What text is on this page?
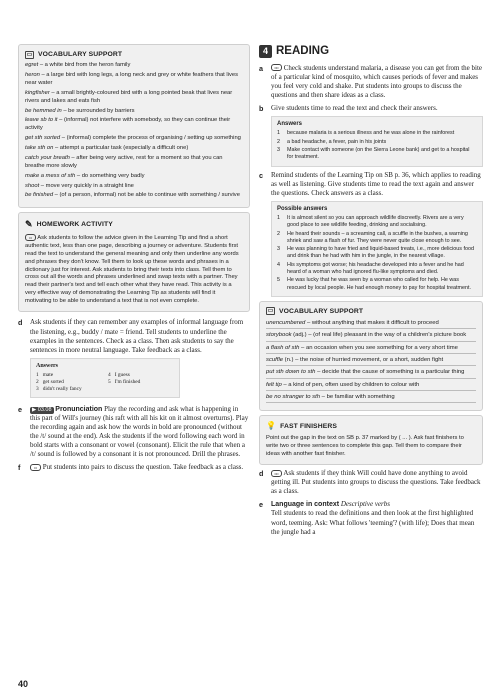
▭ VOCABULARY SUPPORT

egret – a white bird from the heron family

heron – a large bird with long legs, a long neck and grey or white feathers that lives near water

kingfisher – a small brightly-coloured bird with a long pointed beak that lives near rivers and lakes and eats fish

be hemmed in – be surrounded by barriers

leave sb to it – (informal) not interfere with somebody, so they can continue their activity

get sth sorted – (informal) complete the process of organising / setting up something

take sth on – attempt a particular task (especially a difficult one)

catch your breath – after being very active, rest for a moment so that you can breathe more slowly

make a mess of sth – do something very badly

shoot – move very quickly in a straight line

be finished – (of a person, informal) not be able to continue with something / survive

✎ HOMEWORK ACTIVITY

•• Ask students to follow the advice given in the Learning Tip and find a short authentic text, less than one page, describing a journey or adventure. Students first read the text to understand the general meaning and only then underline any words and phrases they don't know. Tell them to look up these words and phrases in a dictionary just for interest. Ask students to bring their texts into class. Tell them to cross out all the words and phrases underlined and swap texts with a partner. They read their partner's text and tell each other what they have read. This activity is a very effective way of demonstrating the Learning Tip as students will find it motivating to be able to understand a text that is not even complete.

d	Ask students if they can remember any examples of informal language from the listening, e.g., buddy / mate = friend. Tell students to underline the examples in the sentences. Check as a class. Then ask students to say the sentences in more neutral language. Take feedback as a class.

Answers
1 mate	4 I guess
2 get sorted	5 I'm finished
3 didn't really fancy
e	▶ 03.08 Pronunciation Play the recording and ask what is happening in this part of Will's journey (his raft with all his kit on it almost overturns). Play the recording again and ask how the words in bold are pronounced (without the /t/ sound at the end). Ask the students if the word following each word in bold starts with a consonant or vowel (consonant). Elicit the rule that when a /t/ sound is followed by a consonant it is not pronounced. Drill the phrases.

f	•• Put students into pairs to discuss the question. Take feedback as a class.

4 READING
a	••• Check students understand malaria, a disease you can get from the bite of a particular kind of mosquito, which causes periods of fever and makes you feel very cold and shake. Put students into groups to discuss the questions and then share ideas as a class.

b	Give students time to read the text and check their answers.

Answers
1	because malaria is a serious illness and he was alone in the rainforest
2	a bad headache, a fever, pain in his joints
3	Make contact with someone (on the Sierra Leone bank) and get to a hospital for treatment.
c	Remind students of the Learning Tip on SB p. 36, which applies to reading as well as listening. Give students time to read the text again and answer the questions. Check answers as a class.

Possible answers
1	It is almost silent so you can approach wildlife discreetly. Rivers are a very good place to see wildlife feeding, drinking and socialising.
2	He heard their sounds – a screaming call, a scuffle in the bushes, a warning shriek and saw a flash of fur. They were never quite close enough to see.
3	He was planning to have fried and liquid-based treats, i.e., more delicious food and drink than he had with him in the jungle, in the nearest village.
4	His symptoms got worse; his headache developed into a fever and he had heard of a woman who had ignored flu-like symptoms and died.
5	He was lucky that he was seen by a woman who called for help. He was rescued by local people. He had enough money to pay for hospital treatment.
▭ VOCABULARY SUPPORT

unencumbered – without anything that makes it difficult to proceed

storybook (adj.) – (of real life) pleasant in the way of a children's picture book

a flash of sth – an occasion when you see something for a very short time

scuffle (n.) – the noise of hurried movement, or a short, sudden fight

put sth down to sth – decide that the cause of something is a particular thing

felt tip – a kind of pen, often used by children to colour with

be no stranger to sth – be familiar with something

💡 FAST FINISHERS

Point out the gap in the text on SB p. 37 marked by ( ... ). Ask fast finishers to write two or three sentences to complete this gap. Tell them to compare their ideas with another fast finisher.

d	••• Ask students if they think Will could have done anything to avoid getting ill. Put students into groups to discuss the questions. Take feedback as a class.

e	Language in context Descriptive verbs

Tell students to read the definitions and then look at the first highlighted word, teeming. Ask: What follows 'teeming'? (with life); Does that mean the jungle had a

40
